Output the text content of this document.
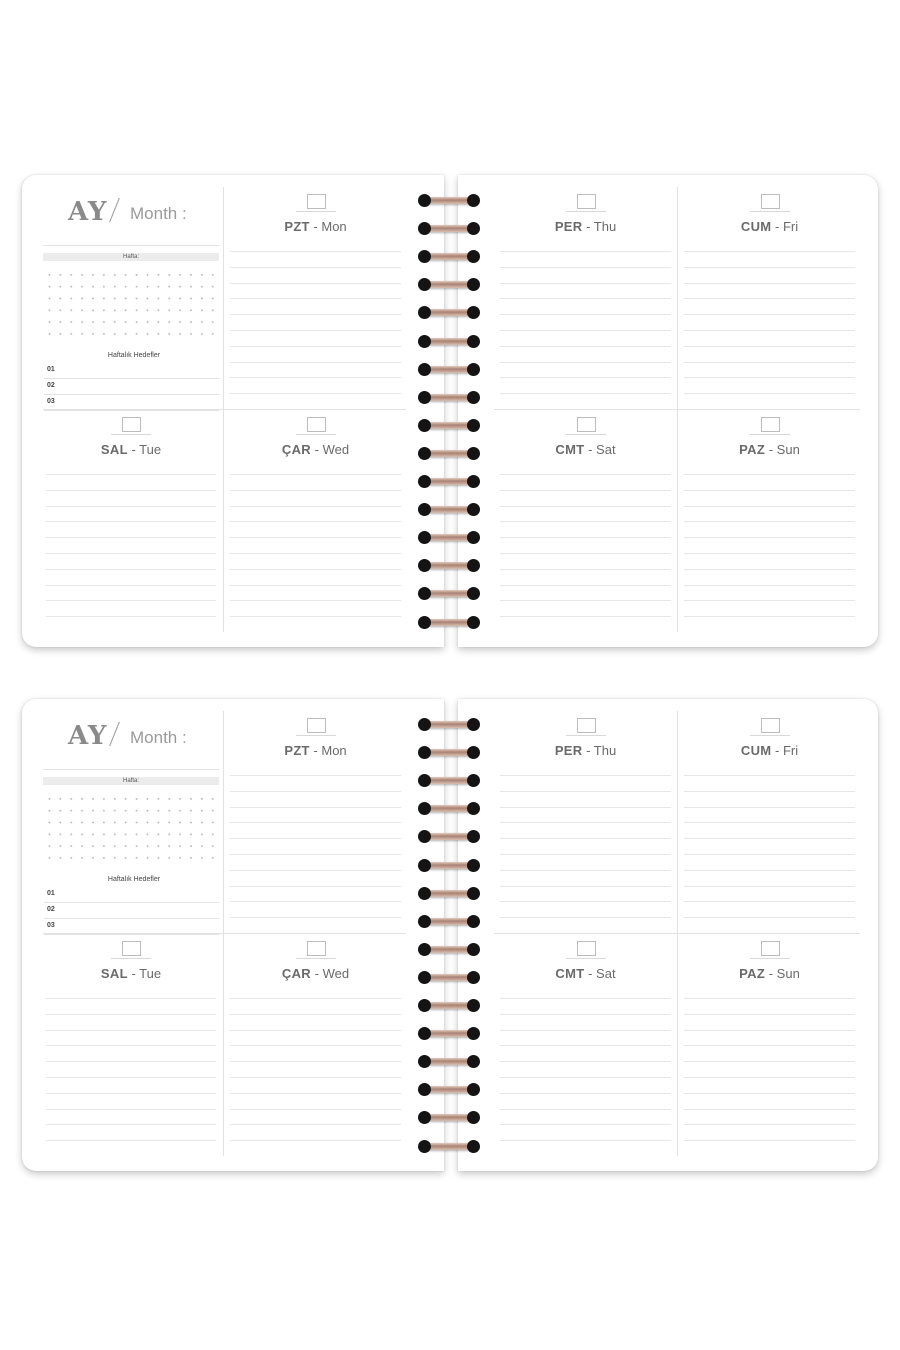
AY Month :
Hafta:
Haftalık Hedefler
01
02
03
PZT - Mon
SAL - Tue	ÇAR - Wed
PER - Thu	CUM - Fri
CMT - Sat	PAZ - Sun
AY Month :
Hafta:
Haftalık Hedefler
01
02
03
PZT - Mon
SAL - Tue	ÇAR - Wed
PER - Thu	CUM - Fri
CMT - Sat	PAZ - Sun
